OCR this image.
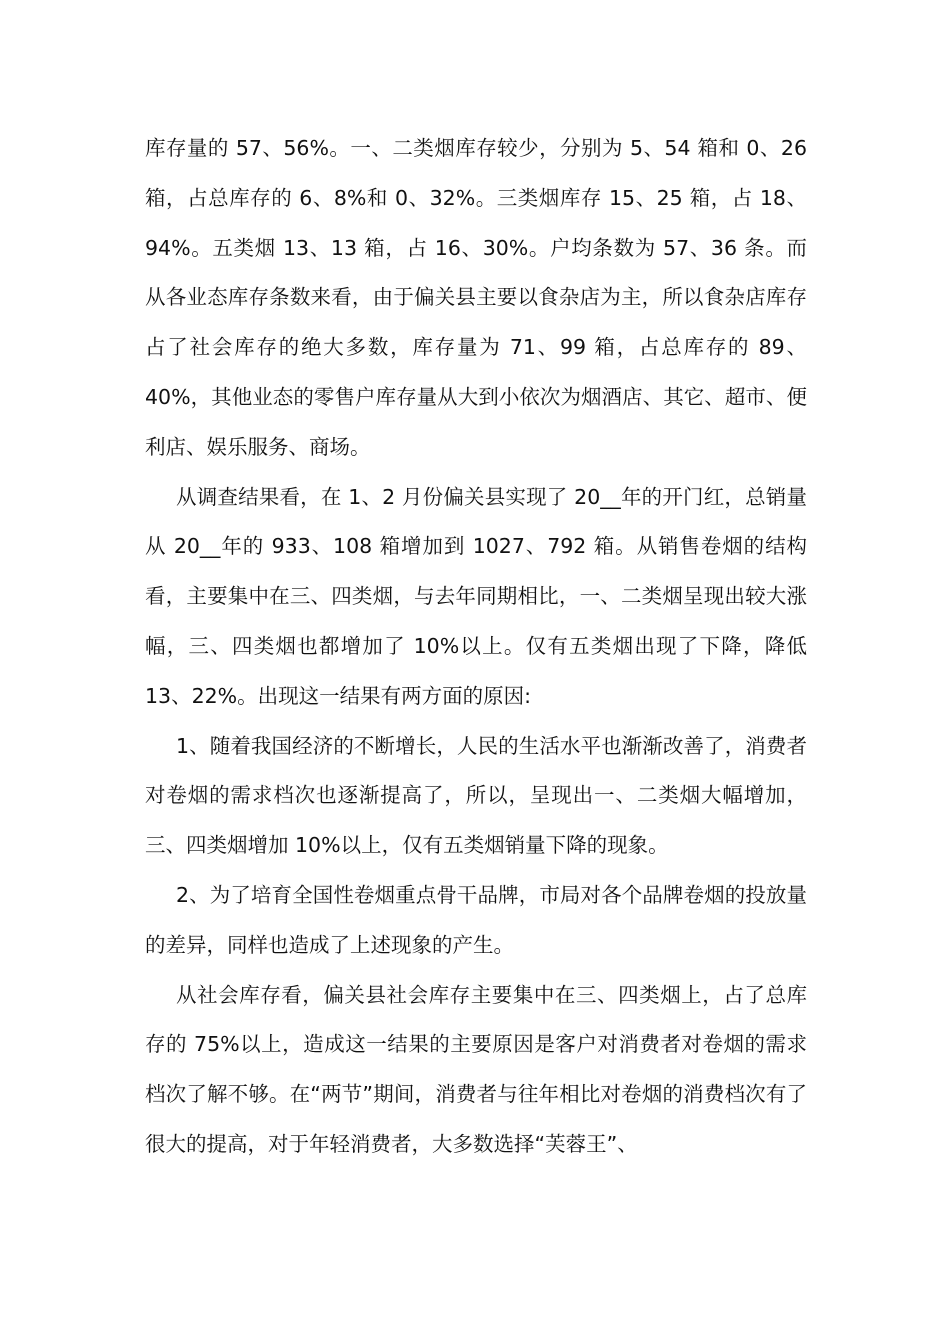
库存量的 57、56%。一、二类烟库存较少，分别为 5、54 箱和 0、26 箱，占总库存的 6、8%和 0、32%。三类烟库存 15、25 箱，占 18、94%。五类烟 13、13 箱，占 16、30%。户均条数为 57、36 条。而从各业态库存条数来看，由于偏关县主要以食杂店为主，所以食杂店库存占了社会库存的绝大多数，库存量为 71、99 箱，占总库存的 89、40%，其他业态的零售户库存量从大到小依次为烟酒店、其它、超市、便利店、娱乐服务、商场。

从调查结果看，在 1、2 月份偏关县实现了 20__年的开门红，总销量从 20__年的 933、108 箱增加到 1027、792 箱。从销售卷烟的结构看，主要集中在三、四类烟，与去年同期相比，一、二类烟呈现出较大涨幅，三、四类烟也都增加了 10%以上。仅有五类烟出现了下降，降低 13、22%。出现这一结果有两方面的原因:

1、随着我国经济的不断增长，人民的生活水平也渐渐改善了，消费者对卷烟的需求档次也逐渐提高了，所以，呈现出一、二类烟大幅增加，三、四类烟增加 10%以上，仅有五类烟销量下降的现象。

2、为了培育全国性卷烟重点骨干品牌，市局对各个品牌卷烟的投放量的差异，同样也造成了上述现象的产生。

从社会库存看，偏关县社会库存主要集中在三、四类烟上，占了总库存的 75%以上，造成这一结果的主要原因是客户对消费者对卷烟的需求档次了解不够。在“两节”期间，消费者与往年相比对卷烟的消费档次有了很大的提高，对于年轻消费者，大多数选择“芙蓉王”、
